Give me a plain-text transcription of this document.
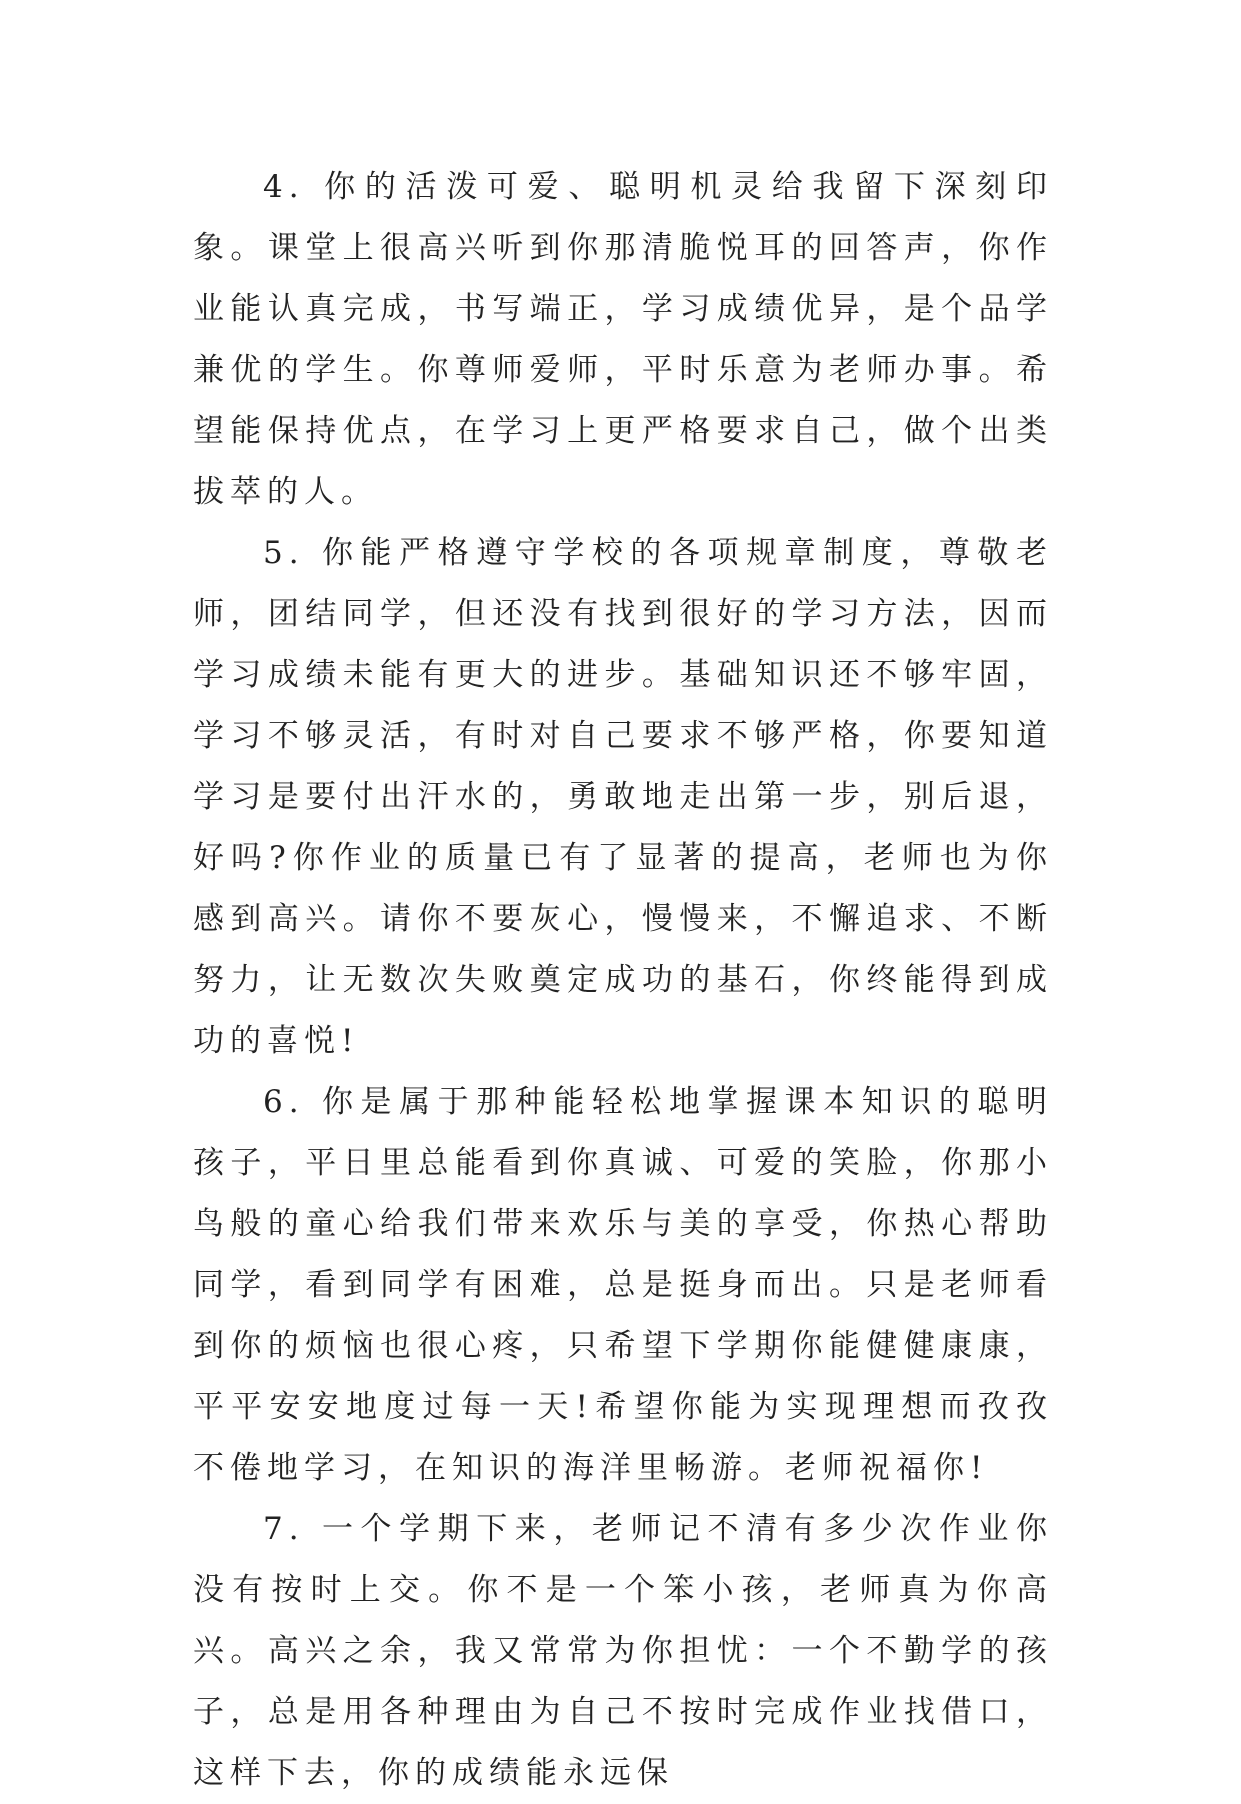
4. 你的活泼可爱、聪明机灵给我留下深刻印象。课堂上很高兴听到你那清脆悦耳的回答声，你作业能认真完成，书写端正，学习成绩优异，是个品学兼优的学生。你尊师爱师，平时乐意为老师办事。希望能保持优点，在学习上更严格要求自己，做个出类拔萃的人。

5. 你能严格遵守学校的各项规章制度，尊敬老师，团结同学，但还没有找到很好的学习方法，因而学习成绩未能有更大的进步。基础知识还不够牢固，学习不够灵活，有时对自己要求不够严格，你要知道学习是要付出汗水的，勇敢地走出第一步，别后退，好吗?你作业的质量已有了显著的提高，老师也为你感到高兴。请你不要灰心，慢慢来，不懈追求、不断努力，让无数次失败奠定成功的基石，你终能得到成功的喜悦!

6. 你是属于那种能轻松地掌握课本知识的聪明孩子，平日里总能看到你真诚、可爱的笑脸，你那小鸟般的童心给我们带来欢乐与美的享受，你热心帮助同学，看到同学有困难，总是挺身而出。只是老师看到你的烦恼也很心疼，只希望下学期你能健健康康，平平安安地度过每一天!希望你能为实现理想而孜孜不倦地学习，在知识的海洋里畅游。老师祝福你!

7. 一个学期下来，老师记不清有多少次作业你没有按时上交。你不是一个笨小孩，老师真为你高兴。高兴之余，我又常常为你担忧：一个不勤学的孩子，总是用各种理由为自己不按时完成作业找借口，这样下去，你的成绩能永远保
